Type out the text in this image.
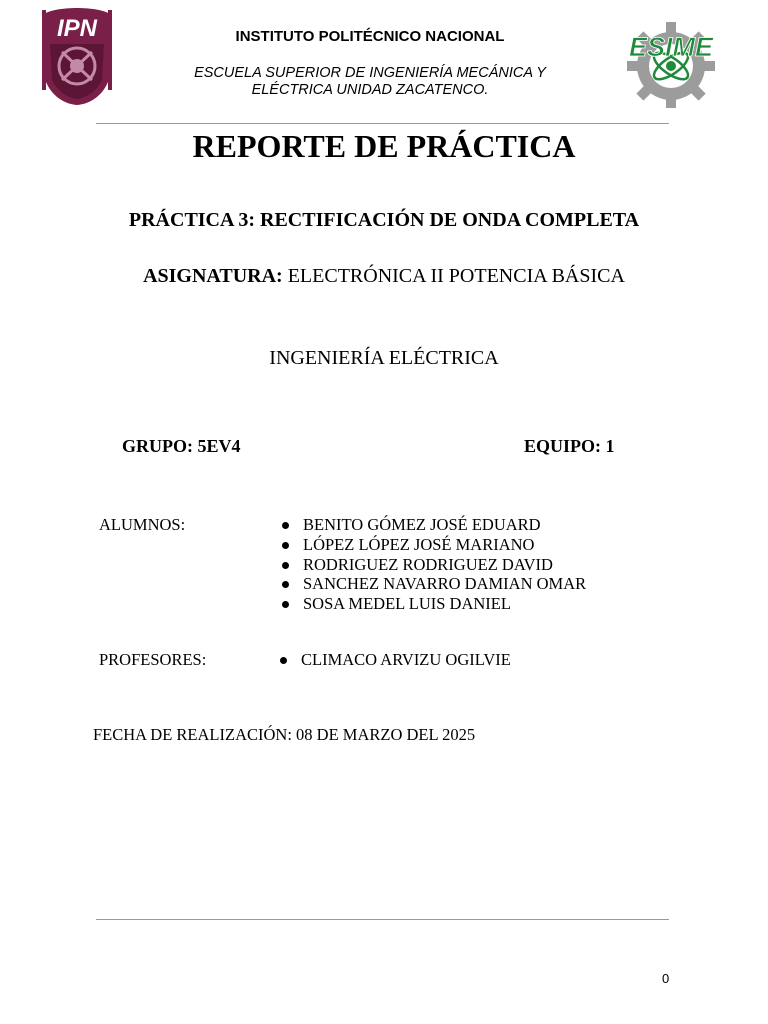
IPN	INSTITUTO POLITÉCNICO NACIONAL
ESCUELA SUPERIOR DE INGENIERÍA MECÁNICA Y
ELÉCTRICA UNIDAD ZACATENCO.
ESIME
REPORTE DE PRÁCTICA
PRÁCTICA 3: RECTIFICACIÓN DE ONDA COMPLETA
ASIGNATURA: ELECTRÓNICA II POTENCIA BÁSICA
INGENIERÍA ELÉCTRICA
GRUPO: 5EV4	EQUIPO: 1
ALUMNOS:	BENITO GÓMEZ JOSÉ EDUARD
LÓPEZ LÓPEZ JOSÉ MARIANO
RODRIGUEZ RODRIGUEZ DAVID
SANCHEZ NAVARRO DAMIAN OMAR
SOSA MEDEL LUIS DANIEL
PROFESORES:	CLIMACO ARVIZU OGILVIE
FECHA DE REALIZACIÓN: 08 DE MARZO DEL 2025
0
